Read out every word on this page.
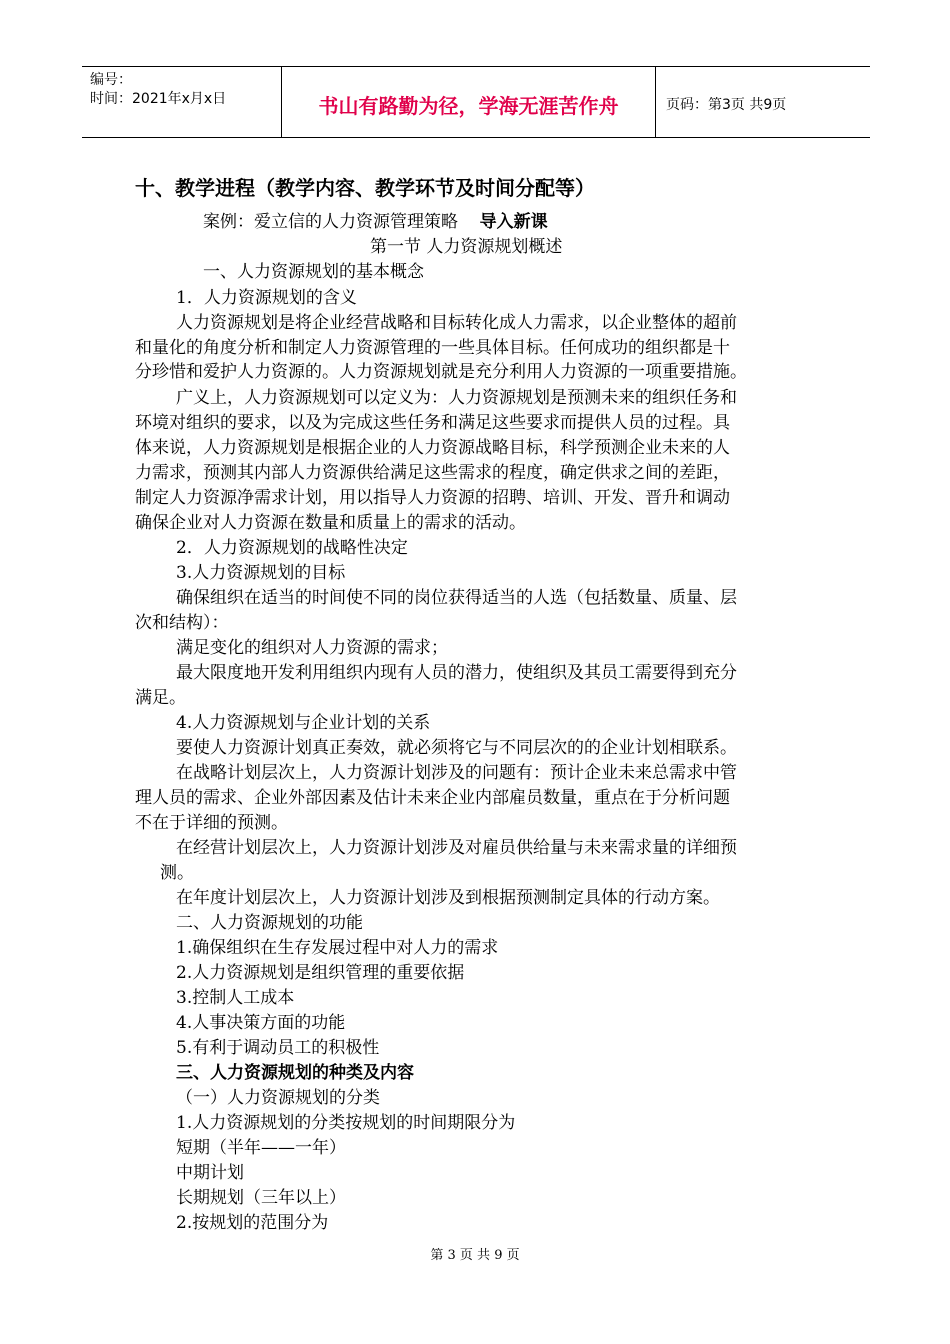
编号：
时间：2021年x月x日	书山有路勤为径，学海无涯苦作舟	页码：第3页 共9页
十、教学进程（教学内容、教学环节及时间分配等）
案例：爱立信的人力资源管理策略 导入新课
第一节 人力资源规划概述
一、人力资源规划的基本概念
1．人力资源规划的含义
人力资源规划是将企业经营战略和目标转化成人力需求，以企业整体的超前
和量化的角度分析和制定人力资源管理的一些具体目标。任何成功的组织都是十
分珍惜和爱护人力资源的。人力资源规划就是充分利用人力资源的一项重要措施。
广义上，人力资源规划可以定义为：人力资源规划是预测未来的组织任务和
环境对组织的要求，以及为完成这些任务和满足这些要求而提供人员的过程。具
体来说，人力资源规划是根据企业的人力资源战略目标，科学预测企业未来的人
力需求，预测其内部人力资源供给满足这些需求的程度，确定供求之间的差距，
制定人力资源净需求计划，用以指导人力资源的招聘、培训、开发、晋升和调动
确保企业对人力资源在数量和质量上的需求的活动。
2．人力资源规划的战略性决定
3.人力资源规划的目标
确保组织在适当的时间使不同的岗位获得适当的人选（包括数量、质量、层
次和结构）：
满足变化的组织对人力资源的需求；
最大限度地开发利用组织内现有人员的潜力，使组织及其员工需要得到充分
满足。
4.人力资源规划与企业计划的关系
要使人力资源计划真正奏效，就必须将它与不同层次的的企业计划相联系。
在战略计划层次上，人力资源计划涉及的问题有：预计企业未来总需求中管
理人员的需求、企业外部因素及估计未来企业内部雇员数量，重点在于分析问题
不在于详细的预测。
在经营计划层次上，人力资源计划涉及对雇员供给量与未来需求量的详细预
测。
在年度计划层次上，人力资源计划涉及到根据预测制定具体的行动方案。
二、人力资源规划的功能
1.确保组织在生存发展过程中对人力的需求
2.人力资源规划是组织管理的重要依据
3.控制人工成本
4.人事决策方面的功能
5.有利于调动员工的积极性
三、人力资源规划的种类及内容
（一）人力资源规划的分类
1.人力资源规划的分类按规划的时间期限分为
短期（半年——一年）
中期计划
长期规划（三年以上）
2.按规划的范围分为
第 3 页 共 9 页
